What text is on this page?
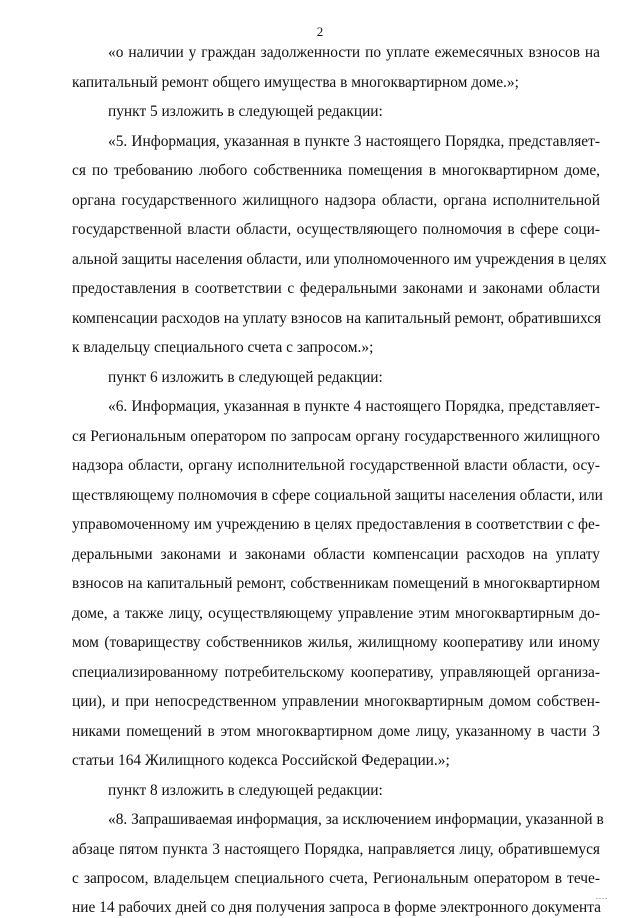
2
«о наличии у граждан задолженности по уплате ежемесячных взносов на
капитальный ремонт общего имущества в многоквартирном доме.»;
пункт 5 изложить в следующей редакции:
«5. Информация, указанная в пункте 3 настоящего Порядка, представляет-
ся по требованию любого собственника помещения в многоквартирном доме,
органа государственного жилищного надзора области, органа исполнительной
государственной власти области, осуществляющего полномочия в сфере соци-
альной защиты населения области, или уполномоченного им учреждения в целях
предоставления в соответствии с федеральными законами и законами области
компенсации расходов на уплату взносов на капитальный ремонт, обратившихся
к владельцу специального счета с запросом.»;
пункт 6 изложить в следующей редакции:
«6. Информация, указанная в пункте 4 настоящего Порядка, представляет-
ся Региональным оператором по запросам органу государственного жилищного
надзора области, органу исполнительной государственной власти области, осу-
ществляющему полномочия в сфере социальной защиты населения области, или
управомоченному им учреждению в целях предоставления в соответствии с фе-
деральными законами и законами области компенсации расходов на уплату
взносов на капитальный ремонт, собственникам помещений в многоквартирном
доме, а также лицу, осуществляющему управление этим многоквартирным до-
мом (товариществу собственников жилья, жилищному кооперативу или иному
специализированному потребительскому кооперативу, управляющей организа-
ции), и при непосредственном управлении многоквартирным домом собствен-
никами помещений в этом многоквартирном доме лицу, указанному в части 3
статьи 164 Жилищного кодекса Российской Федерации.»;
пункт 8 изложить в следующей редакции:
«8. Запрашиваемая информация, за исключением информации, указанной в
абзаце пятом пункта 3 настоящего Порядка, направляется лицу, обратившемуся
с запросом, владельцем специального счета, Региональным оператором в тече-
....
ние 14 рабочих дней со дня получения запроса в форме электронного документа
